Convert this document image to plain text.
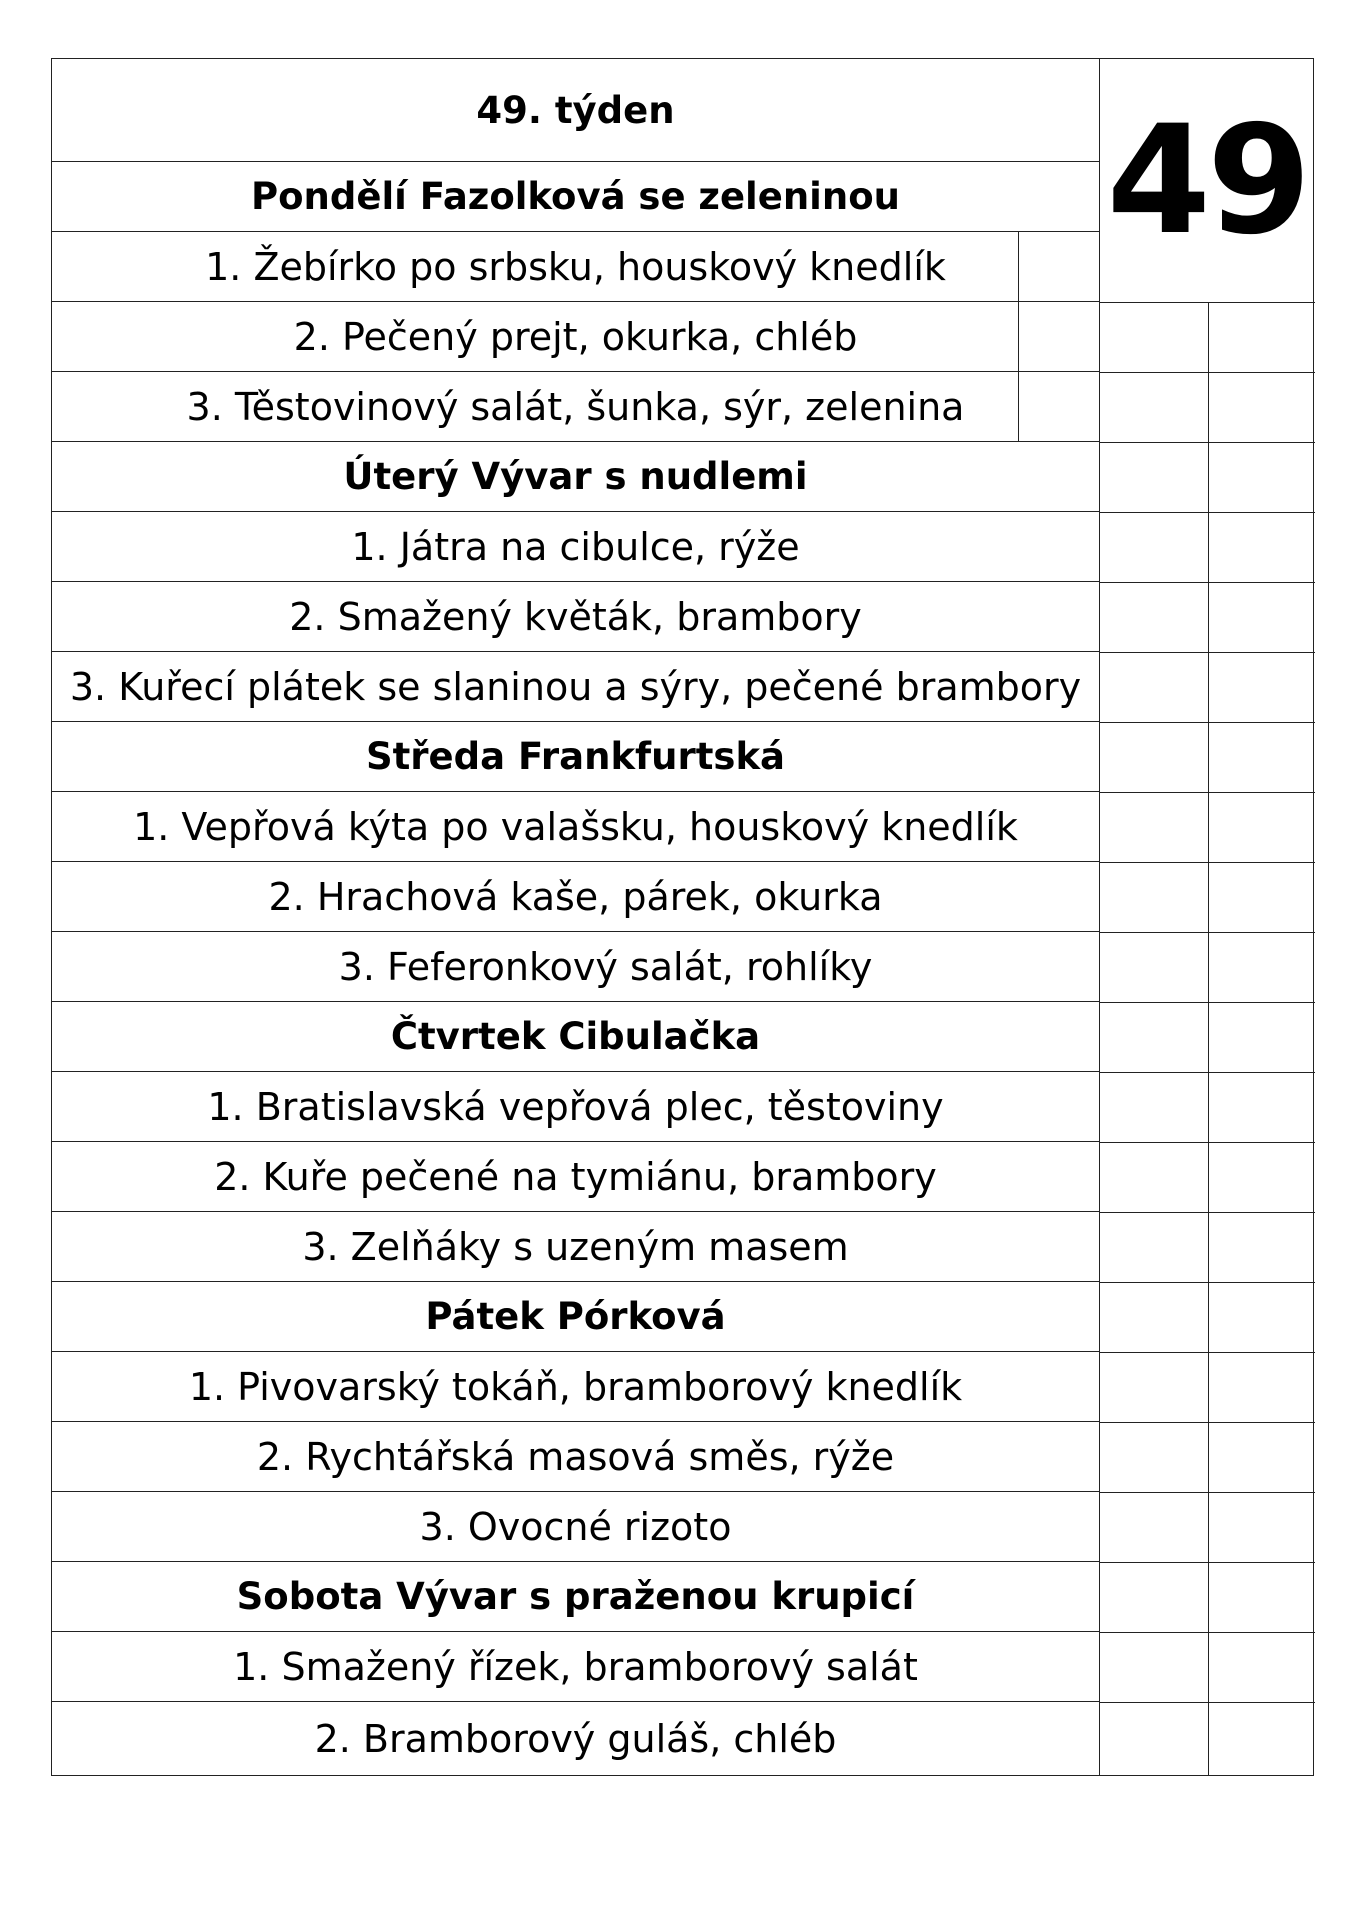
49. týden
Pondělí Fazolková se zeleninou
1. Žebírko po srbsku, houskový knedlík
2. Pečený prejt, okurka, chléb
3. Těstovinový salát, šunka, sýr, zelenina
Úterý Vývar s nudlemi
1. Játra na cibulce, rýže
2. Smažený květák, brambory
3. Kuřecí plátek se slaninou a sýry, pečené brambory
Středa Frankfurtská
1. Vepřová kýta po valašsku, houskový knedlík
2. Hrachová kaše, párek, okurka
3. Feferonkový salát, rohlíky
Čtvrtek Cibulačka
1. Bratislavská vepřová plec, těstoviny
2. Kuře pečené na tymiánu, brambory
3. Zelňáky s uzeným masem
Pátek Pórková
1. Pivovarský tokáň, bramborový knedlík
2. Rychtářská masová směs, rýže
3. Ovocné rizoto
Sobota Vývar s praženou krupicí
1. Smažený řízek, bramborový salát
2. Bramborový guláš, chléb
49
